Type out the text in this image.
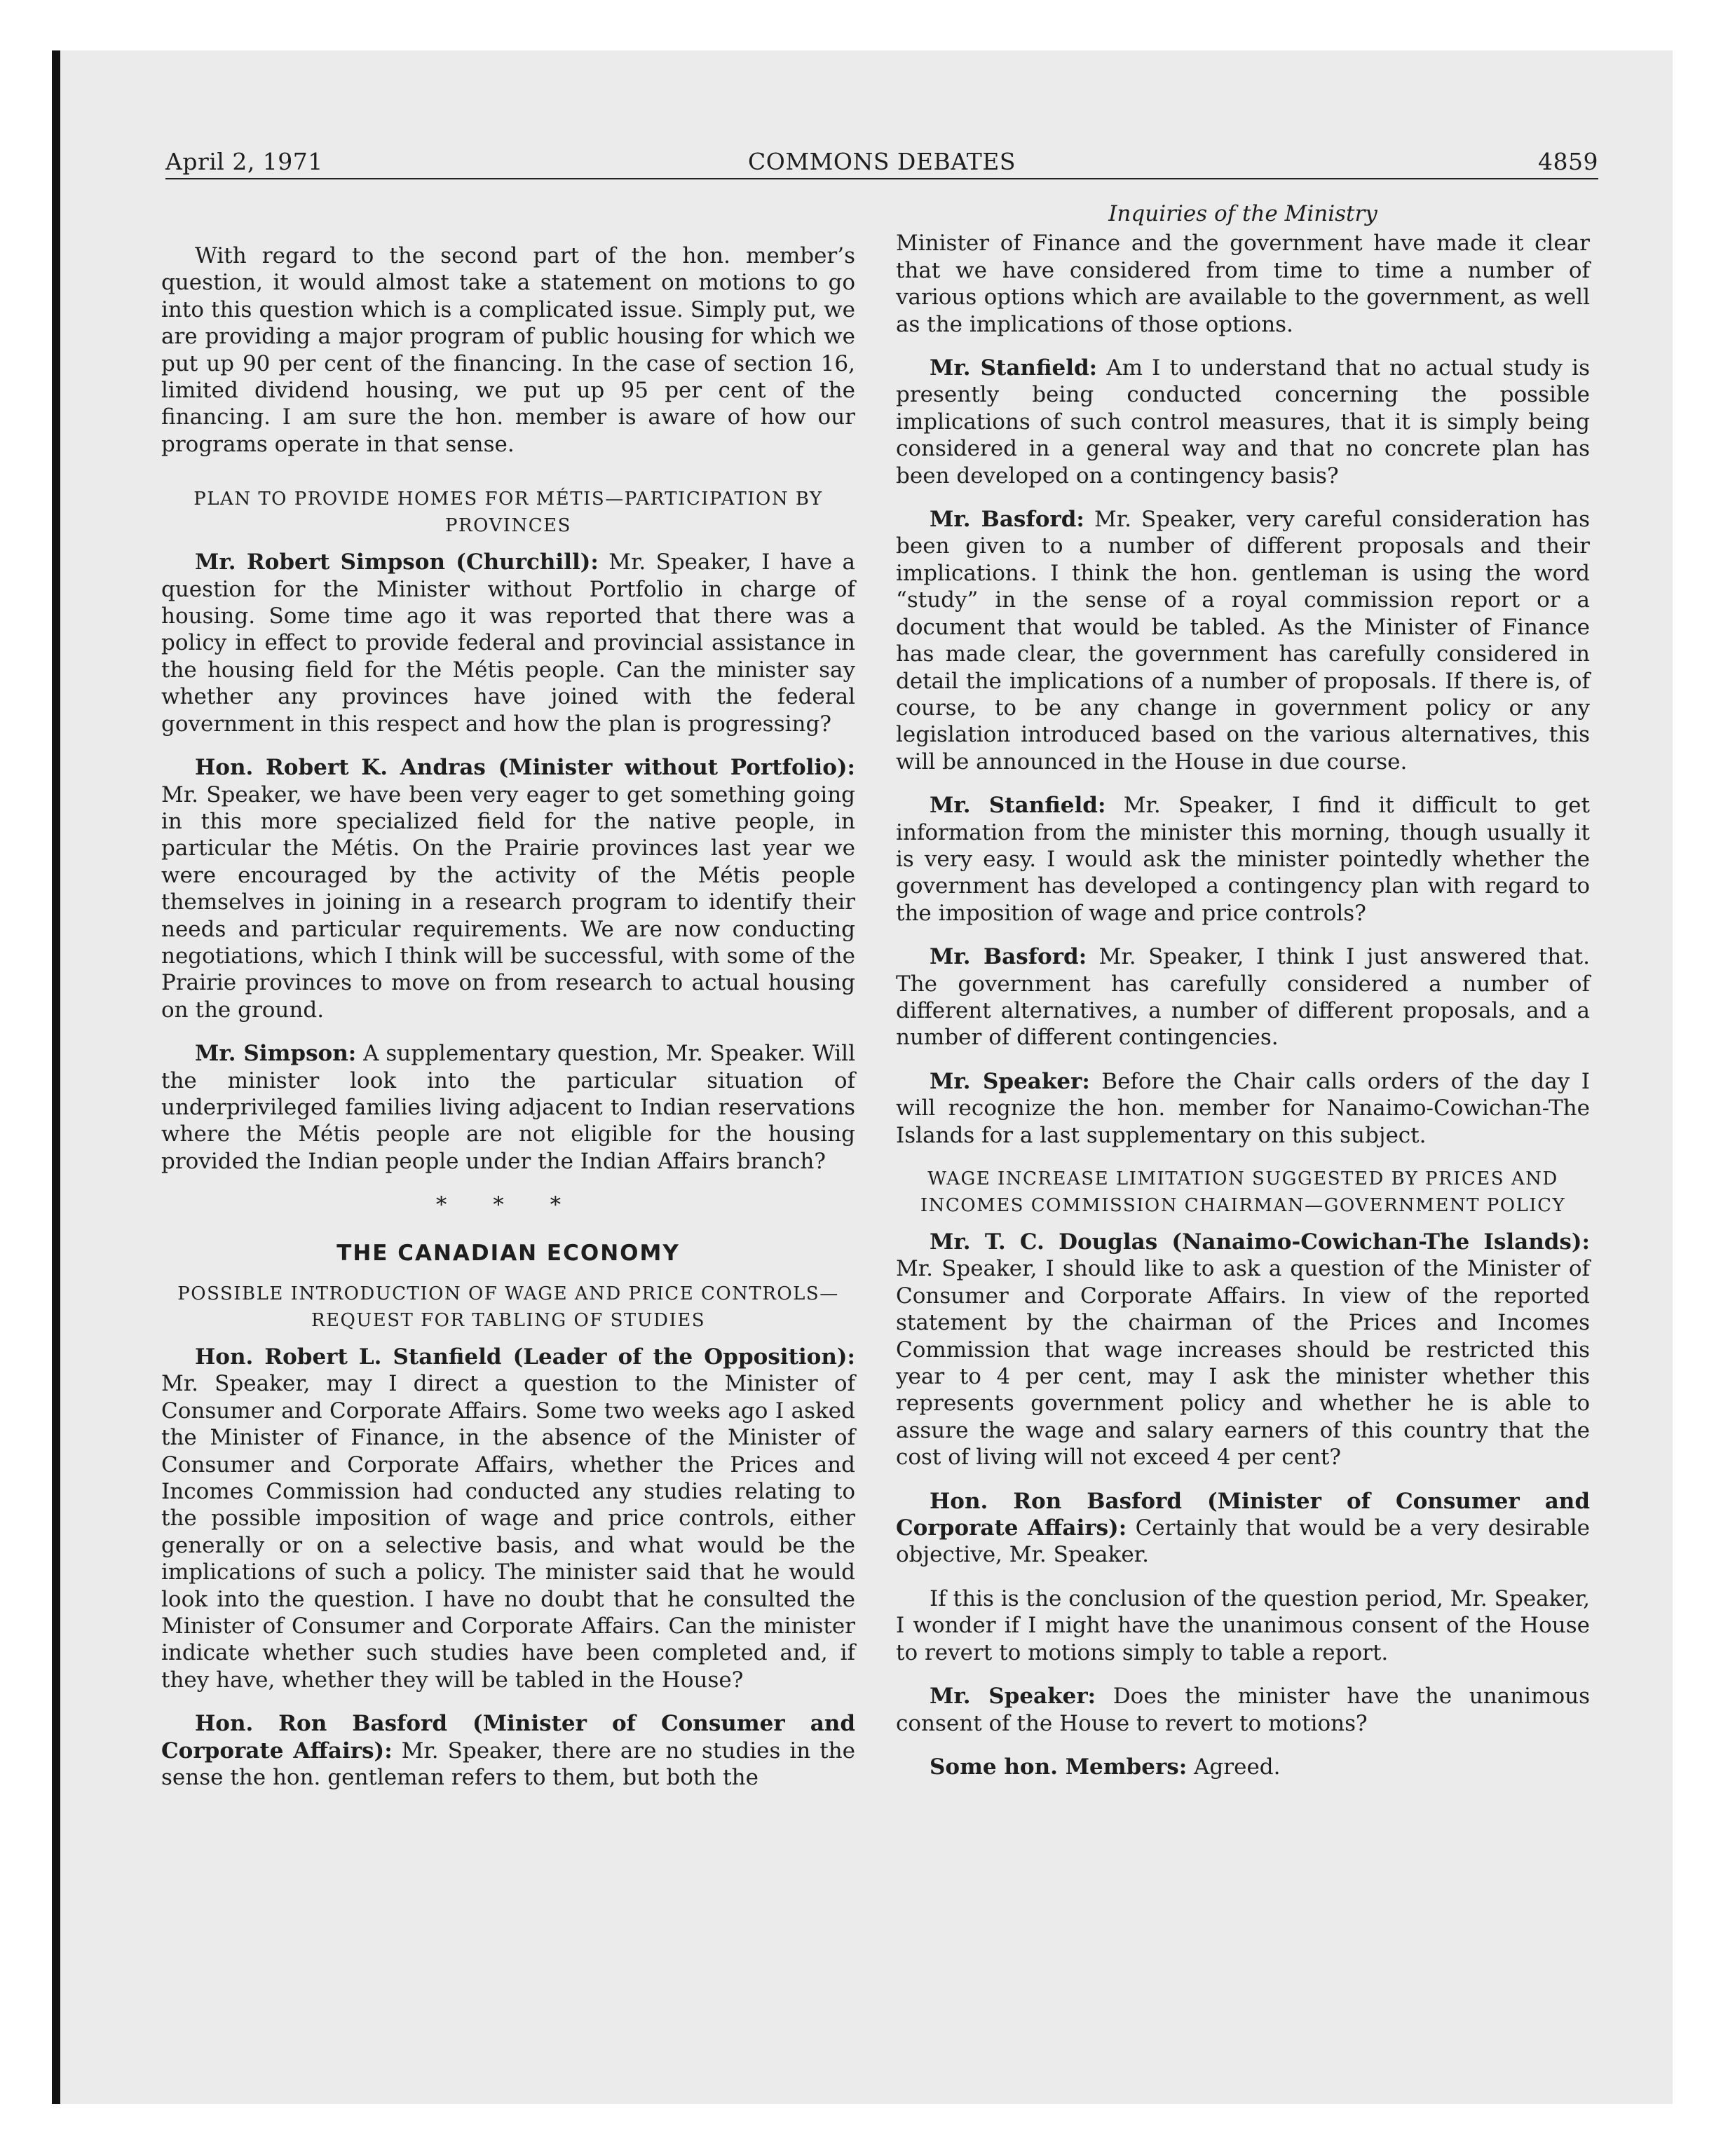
April 2, 1971	COMMONS DEBATES	4859

With regard to the second part of the hon. member’s question, it would almost take a statement on motions to go into this question which is a complicated issue. Simply put, we are providing a major program of public housing for which we put up 90 per cent of the financing. In the case of section 16, limited dividend housing, we put up 95 per cent of the financing. I am sure the hon. member is aware of how our programs operate in that sense.

PLAN TO PROVIDE HOMES FOR MÉTIS—PARTICIPATION BY PROVINCES

Mr. Robert Simpson (Churchill): Mr. Speaker, I have a question for the Minister without Portfolio in charge of housing. Some time ago it was reported that there was a policy in effect to provide federal and provincial assistance in the housing field for the Métis people. Can the minister say whether any provinces have joined with the federal government in this respect and how the plan is progressing?

Hon. Robert K. Andras (Minister without Portfolio): Mr. Speaker, we have been very eager to get something going in this more specialized field for the native people, in particular the Métis. On the Prairie provinces last year we were encouraged by the activity of the Métis people themselves in joining in a research program to identify their needs and particular requirements. We are now conducting negotiations, which I think will be successful, with some of the Prairie provinces to move on from research to actual housing on the ground.

Mr. Simpson: A supplementary question, Mr. Speaker. Will the minister look into the particular situation of underprivileged families living adjacent to Indian reservations where the Métis people are not eligible for the housing provided the Indian people under the Indian Affairs branch?

* * *
THE CANADIAN ECONOMY
POSSIBLE INTRODUCTION OF WAGE AND PRICE CONTROLS—REQUEST FOR TABLING OF STUDIES

Hon. Robert L. Stanfield (Leader of the Opposition): Mr. Speaker, may I direct a question to the Minister of Consumer and Corporate Affairs. Some two weeks ago I asked the Minister of Finance, in the absence of the Minister of Consumer and Corporate Affairs, whether the Prices and Incomes Commission had conducted any studies relating to the possible imposition of wage and price controls, either generally or on a selective basis, and what would be the implications of such a policy. The minister said that he would look into the question. I have no doubt that he consulted the Minister of Consumer and Corporate Affairs. Can the minister indicate whether such studies have been completed and, if they have, whether they will be tabled in the House?

Hon. Ron Basford (Minister of Consumer and Corporate Affairs): Mr. Speaker, there are no studies in the sense the hon. gentleman refers to them, but both the

Inquiries of the Ministry

Minister of Finance and the government have made it clear that we have considered from time to time a number of various options which are available to the government, as well as the implications of those options.

Mr. Stanfield: Am I to understand that no actual study is presently being conducted concerning the possible implications of such control measures, that it is simply being considered in a general way and that no concrete plan has been developed on a contingency basis?

Mr. Basford: Mr. Speaker, very careful consideration has been given to a number of different proposals and their implications. I think the hon. gentleman is using the word “study” in the sense of a royal commission report or a document that would be tabled. As the Minister of Finance has made clear, the government has carefully considered in detail the implications of a number of proposals. If there is, of course, to be any change in government policy or any legislation introduced based on the various alternatives, this will be announced in the House in due course.

Mr. Stanfield: Mr. Speaker, I find it difficult to get information from the minister this morning, though usually it is very easy. I would ask the minister pointedly whether the government has developed a contingency plan with regard to the imposition of wage and price controls?

Mr. Basford: Mr. Speaker, I think I just answered that. The government has carefully considered a number of different alternatives, a number of different proposals, and a number of different contingencies.

Mr. Speaker: Before the Chair calls orders of the day I will recognize the hon. member for Nanaimo-Cowichan-The Islands for a last supplementary on this subject.

WAGE INCREASE LIMITATION SUGGESTED BY PRICES AND INCOMES COMMISSION CHAIRMAN—GOVERNMENT POLICY

Mr. T. C. Douglas (Nanaimo-Cowichan-The Islands): Mr. Speaker, I should like to ask a question of the Minister of Consumer and Corporate Affairs. In view of the reported statement by the chairman of the Prices and Incomes Commission that wage increases should be restricted this year to 4 per cent, may I ask the minister whether this represents government policy and whether he is able to assure the wage and salary earners of this country that the cost of living will not exceed 4 per cent?

Hon. Ron Basford (Minister of Consumer and Corporate Affairs): Certainly that would be a very desirable objective, Mr. Speaker.

If this is the conclusion of the question period, Mr. Speaker, I wonder if I might have the unanimous consent of the House to revert to motions simply to table a report.

Mr. Speaker: Does the minister have the unanimous consent of the House to revert to motions?

Some hon. Members: Agreed.
